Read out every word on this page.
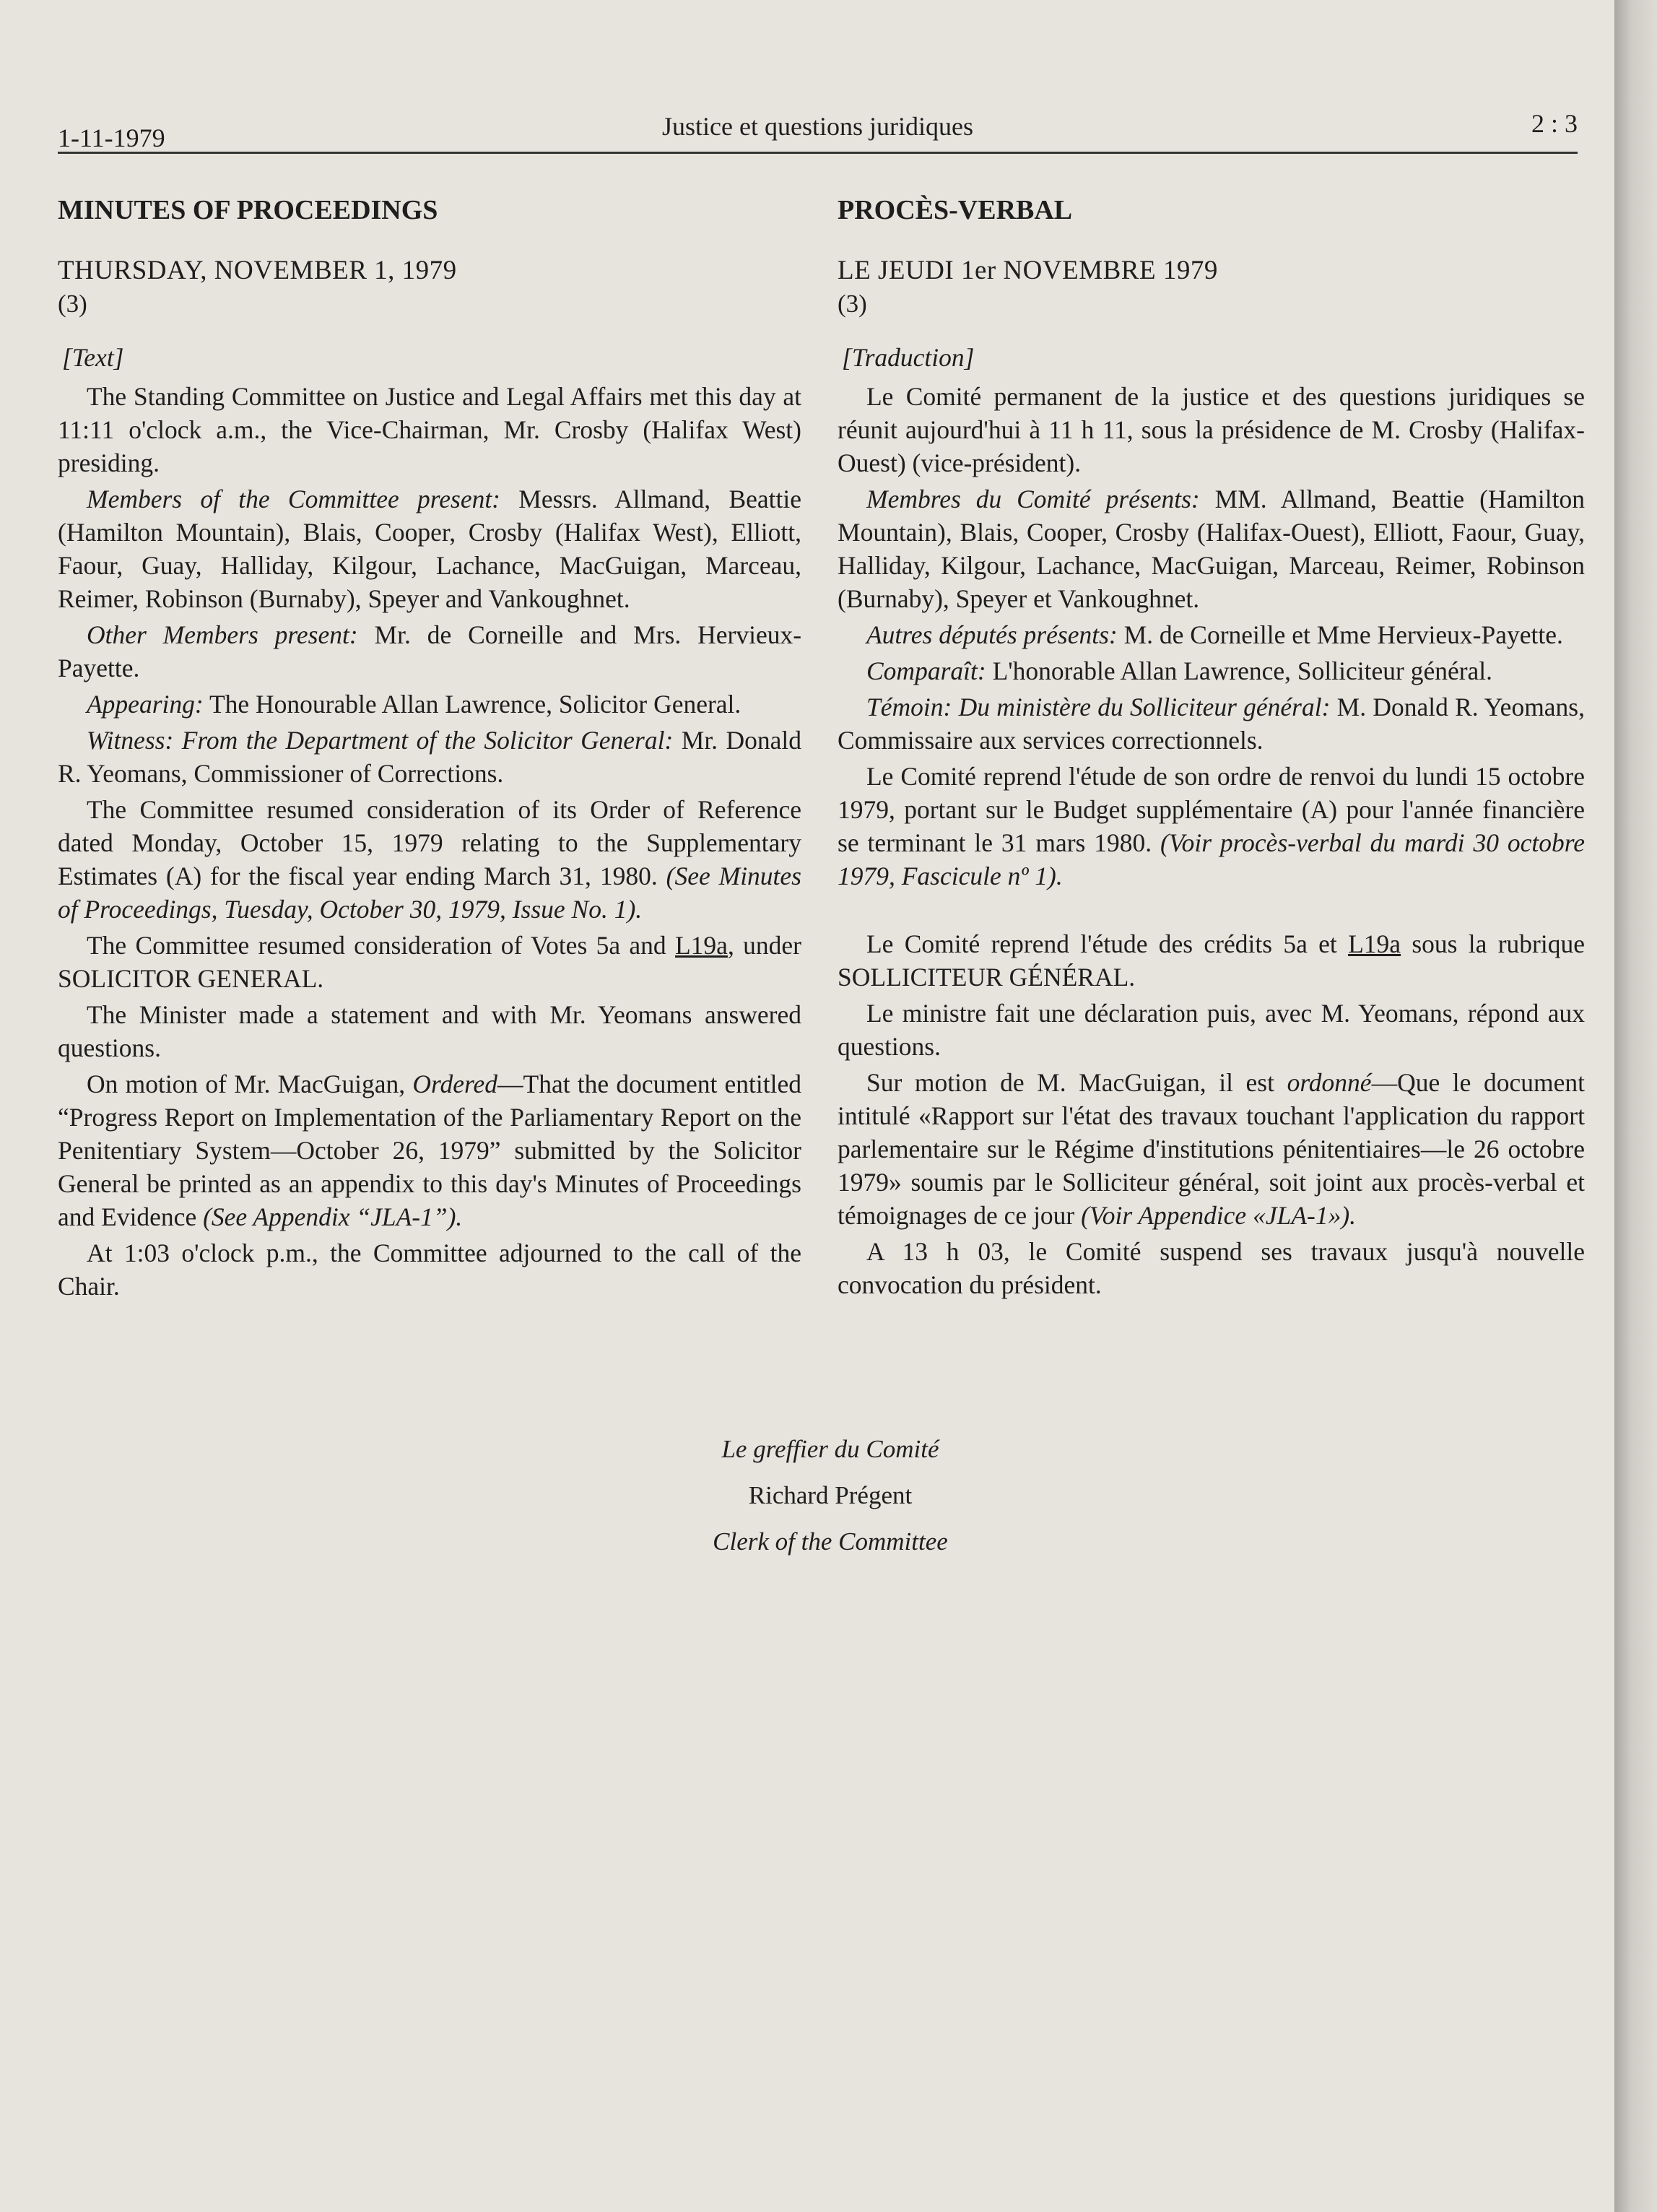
1-11-1979	Justice et questions juridiques	2 : 3
MINUTES OF PROCEEDINGS
THURSDAY, NOVEMBER 1, 1979
(3)
[Text]

The Standing Committee on Justice and Legal Affairs met this day at 11:11 o'clock a.m., the Vice-Chairman, Mr. Crosby (Halifax West) presiding.

Members of the Committee present: Messrs. Allmand, Beattie (Hamilton Mountain), Blais, Cooper, Crosby (Halifax West), Elliott, Faour, Guay, Halliday, Kilgour, Lachance, MacGuigan, Marceau, Reimer, Robinson (Burnaby), Speyer and Vankoughnet.

Other Members present: Mr. de Corneille and Mrs. Hervieux-Payette.

Appearing: The Honourable Allan Lawrence, Solicitor General.

Witness: From the Department of the Solicitor General: Mr. Donald R. Yeomans, Commissioner of Corrections.

The Committee resumed consideration of its Order of Reference dated Monday, October 15, 1979 relating to the Supplementary Estimates (A) for the fiscal year ending March 31, 1980. (See Minutes of Proceedings, Tuesday, October 30, 1979, Issue No. 1).

The Committee resumed consideration of Votes 5a and L19a, under SOLICITOR GENERAL.

The Minister made a statement and with Mr. Yeomans answered questions.

On motion of Mr. MacGuigan, Ordered—That the document entitled “Progress Report on Implementation of the Parliamentary Report on the Penitentiary System—October 26, 1979” submitted by the Solicitor General be printed as an appendix to this day's Minutes of Proceedings and Evidence (See Appendix “JLA-1”).

At 1:03 o'clock p.m., the Committee adjourned to the call of the Chair.

PROCÈS-VERBAL
LE JEUDI 1er NOVEMBRE 1979
(3)
[Traduction]

Le Comité permanent de la justice et des questions juridiques se réunit aujourd'hui à 11 h 11, sous la présidence de M. Crosby (Halifax-Ouest) (vice-président).

Membres du Comité présents: MM. Allmand, Beattie (Hamilton Mountain), Blais, Cooper, Crosby (Halifax-Ouest), Elliott, Faour, Guay, Halliday, Kilgour, Lachance, MacGuigan, Marceau, Reimer, Robinson (Burnaby), Speyer et Vankoughnet.

Autres députés présents: M. de Corneille et Mme Hervieux-Payette.

Comparaît: L'honorable Allan Lawrence, Solliciteur général.

Témoin: Du ministère du Solliciteur général: M. Donald R. Yeomans, Commissaire aux services correctionnels.

Le Comité reprend l'étude de son ordre de renvoi du lundi 15 octobre 1979, portant sur le Budget supplémentaire (A) pour l'année financière se terminant le 31 mars 1980. (Voir procès-verbal du mardi 30 octobre 1979, Fascicule nº 1).

Le Comité reprend l'étude des crédits 5a et L19a sous la rubrique SOLLICITEUR GÉNÉRAL.

Le ministre fait une déclaration puis, avec M. Yeomans, répond aux questions.

Sur motion de M. MacGuigan, il est ordonné—Que le document intitulé «Rapport sur l'état des travaux touchant l'application du rapport parlementaire sur le Régime d'institutions pénitentiaires—le 26 octobre 1979» soumis par le Solliciteur général, soit joint aux procès-verbal et témoignages de ce jour (Voir Appendice «JLA-1»).

A 13 h 03, le Comité suspend ses travaux jusqu'à nouvelle convocation du président.

Le greffier du Comité
Richard Prégent
Clerk of the Committee
